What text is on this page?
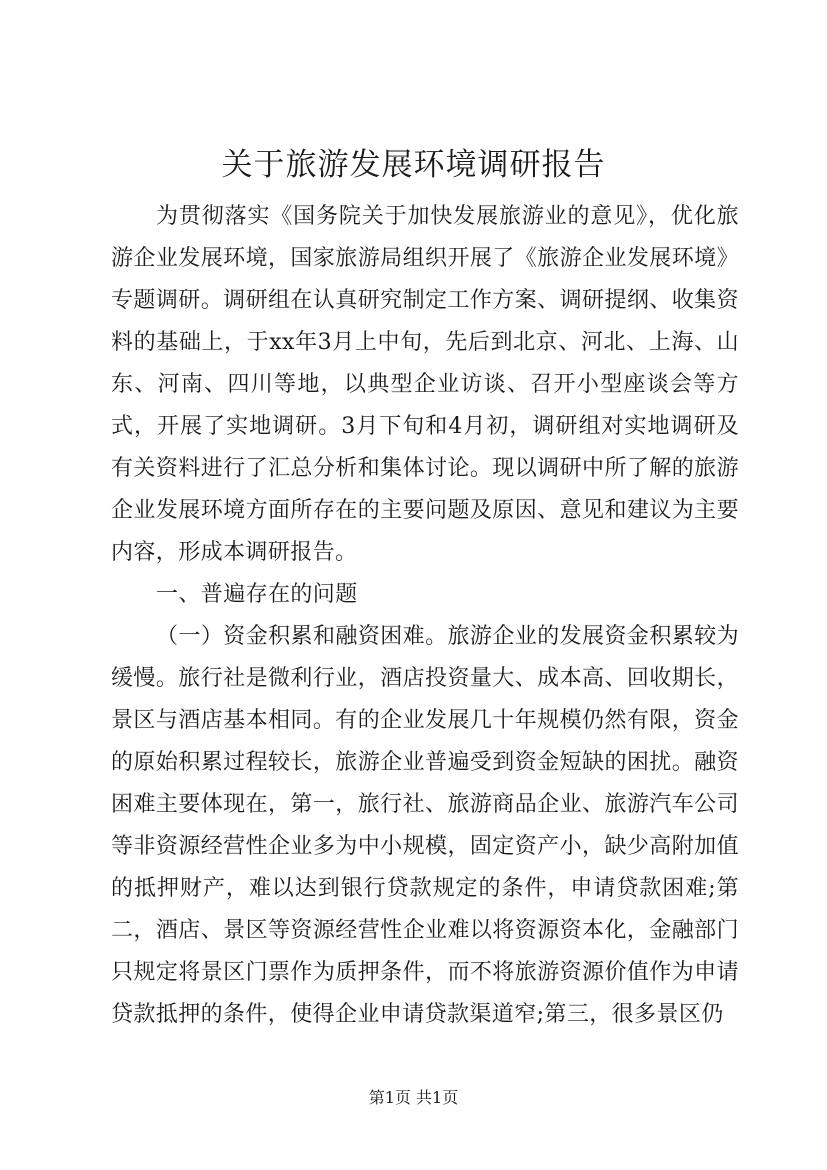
关于旅游发展环境调研报告

为贯彻落实《国务院关于加快发展旅游业的意见》，优化旅游企业发展环境，国家旅游局组织开展了《旅游企业发展环境》专题调研。调研组在认真研究制定工作方案、调研提纲、收集资料的基础上，于xx年3月上中旬，先后到北京、河北、上海、山东、河南、四川等地，以典型企业访谈、召开小型座谈会等方式，开展了实地调研。3月下旬和4月初，调研组对实地调研及有关资料进行了汇总分析和集体讨论。现以调研中所了解的旅游企业发展环境方面所存在的主要问题及原因、意见和建议为主要内容，形成本调研报告。

一、普遍存在的问题

（一）资金积累和融资困难。旅游企业的发展资金积累较为缓慢。旅行社是微利行业，酒店投资量大、成本高、回收期长，景区与酒店基本相同。有的企业发展几十年规模仍然有限，资金的原始积累过程较长，旅游企业普遍受到资金短缺的困扰。融资困难主要体现在，第一，旅行社、旅游商品企业、旅游汽车公司等非资源经营性企业多为中小规模，固定资产小，缺少高附加值的抵押财产，难以达到银行贷款规定的条件，申请贷款困难;第二，酒店、景区等资源经营性企业难以将资源资本化，金融部门只规定将景区门票作为质押条件，而不将旅游资源价值作为申请贷款抵押的条件，使得企业申请贷款渠道窄;第三，很多景区仍

第1页 共1页
